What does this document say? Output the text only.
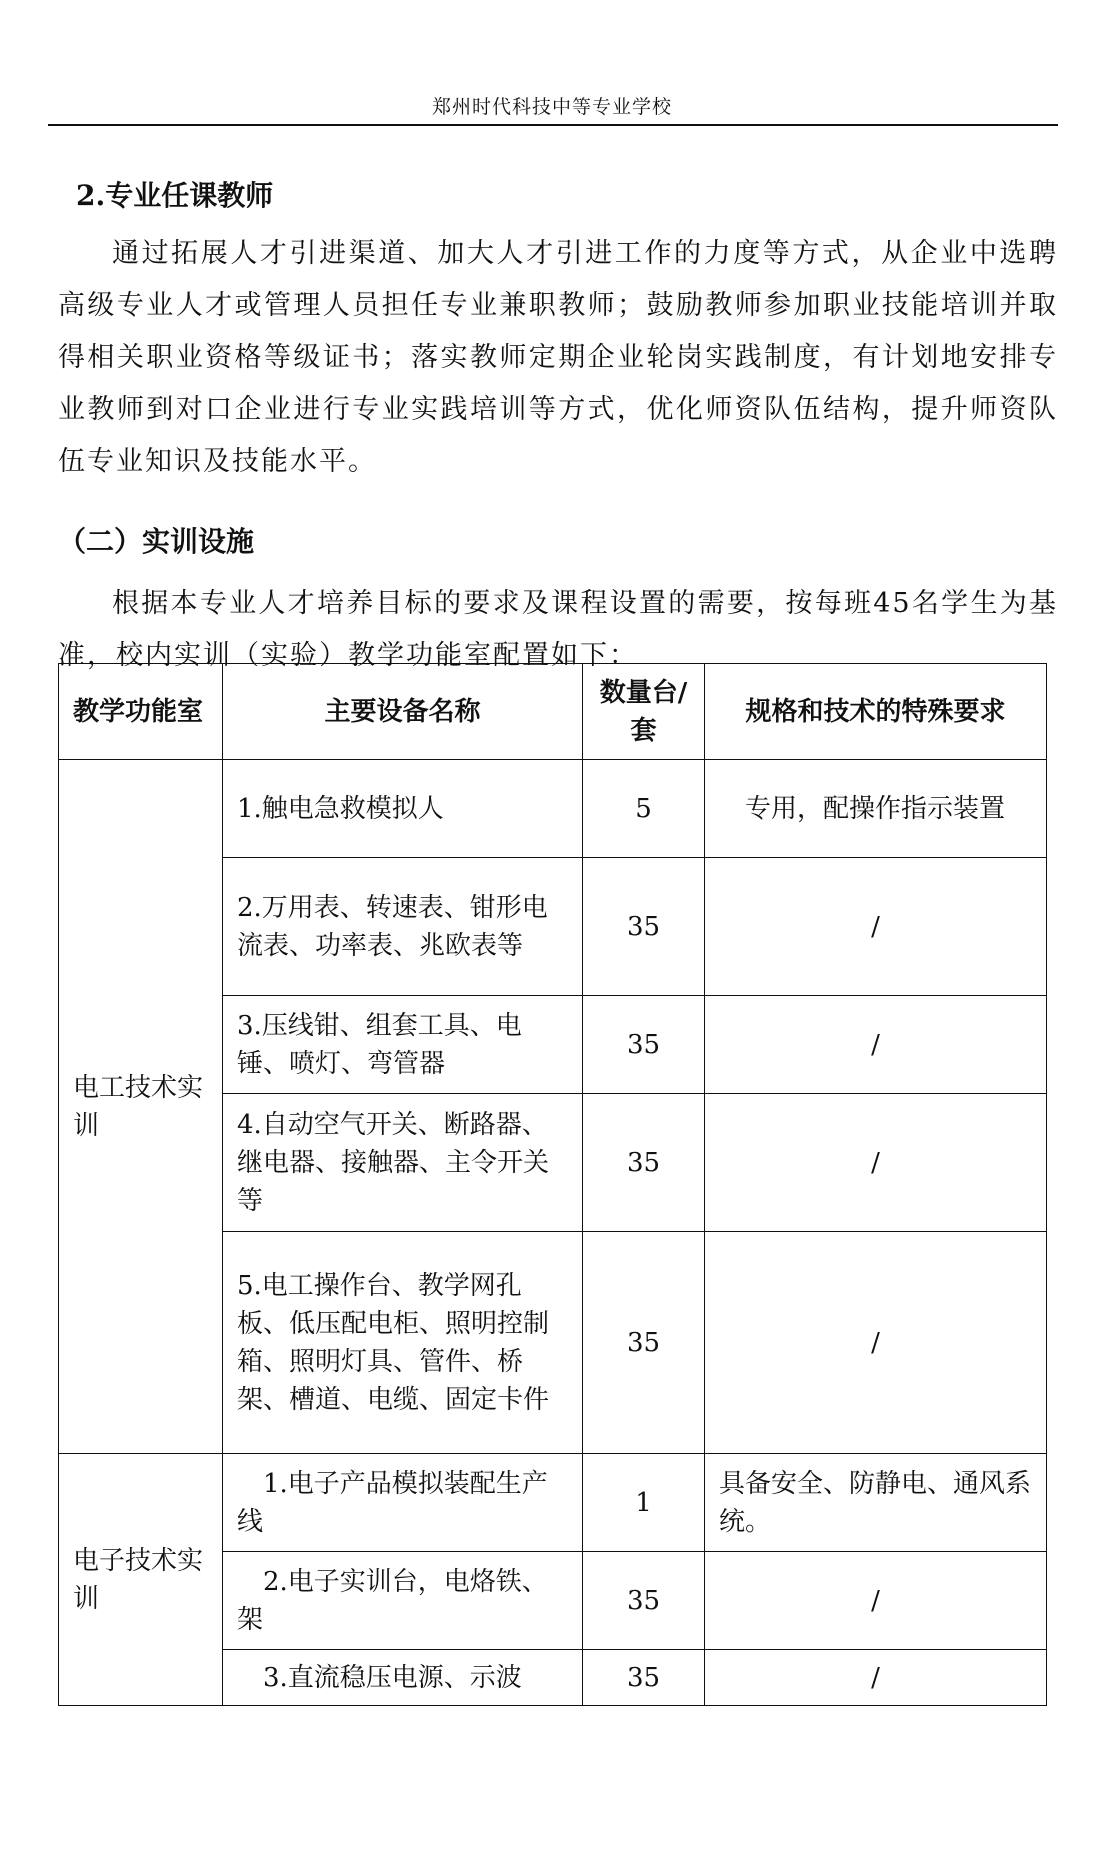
郑州时代科技中等专业学校
2.专业任课教师
通过拓展人才引进渠道、加大人才引进工作的力度等方式，从企业中选聘高级专业人才或管理人员担任专业兼职教师；鼓励教师参加职业技能培训并取得相关职业资格等级证书；落实教师定期企业轮岗实践制度，有计划地安排专业教师到对口企业进行专业实践培训等方式，优化师资队伍结构，提升师资队伍专业知识及技能水平。
（二）实训设施
根据本专业人才培养目标的要求及课程设置的需要，按每班45名学生为基准，校内实训（实验）教学功能室配置如下：
教学功能室	主要设备名称	数量台/套	规格和技术的特殊要求
电工技术实训	1.触电急救模拟人	5	专用，配操作指示装置
	2.万用表、转速表、钳形电流表、功率表、兆欧表等	35	/
	3.压线钳、组套工具、电锤、喷灯、弯管器	35	/
	4.自动空气开关、断路器、继电器、接触器、主令开关等	35	/
	5.电工操作台、教学网孔板、低压配电柜、照明控制箱、照明灯具、管件、桥架、槽道、电缆、固定卡件	35	/
电子技术实训	1.电子产品模拟装配生产线	1	具备安全、防静电、通风系统。
	2.电子实训台，电烙铁、架	35	/
	3.直流稳压电源、示波	35	/
